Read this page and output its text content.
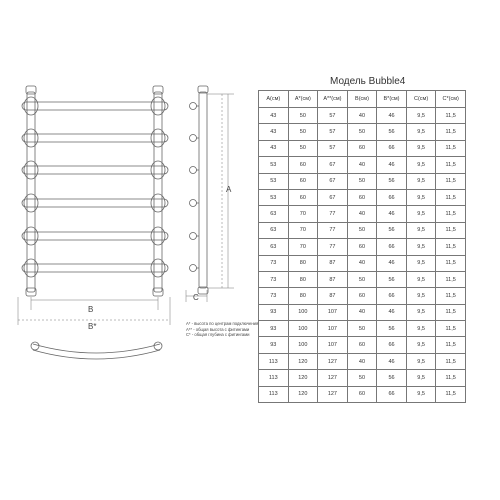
B
B*
A
C
A* - высота по центрам подключения
A** - общая высота с фитингами
C* - общая глубина с фитингами
Модель Bubble4
A(см)	A*(см)	A**(см)	B(см)	B*(см)	C(см)	C*(см)
43	50	57	40	46	9,5	11,5
43	50	57	50	56	9,5	11,5
43	50	57	60	66	9,5	11,5
53	60	67	40	46	9,5	11,5
53	60	67	50	56	9,5	11,5
53	60	67	60	66	9,5	11,5
63	70	77	40	46	9,5	11,5
63	70	77	50	56	9,5	11,5
63	70	77	60	66	9,5	11,5
73	80	87	40	46	9,5	11,5
73	80	87	50	56	9,5	11,5
73	80	87	60	66	9,5	11,5
93	100	107	40	46	9,5	11,5
93	100	107	50	56	9,5	11,5
93	100	107	60	66	9,5	11,5
113	120	127	40	46	9,5	11,5
113	120	127	50	56	9,5	11,5
113	120	127	60	66	9,5	11,5
